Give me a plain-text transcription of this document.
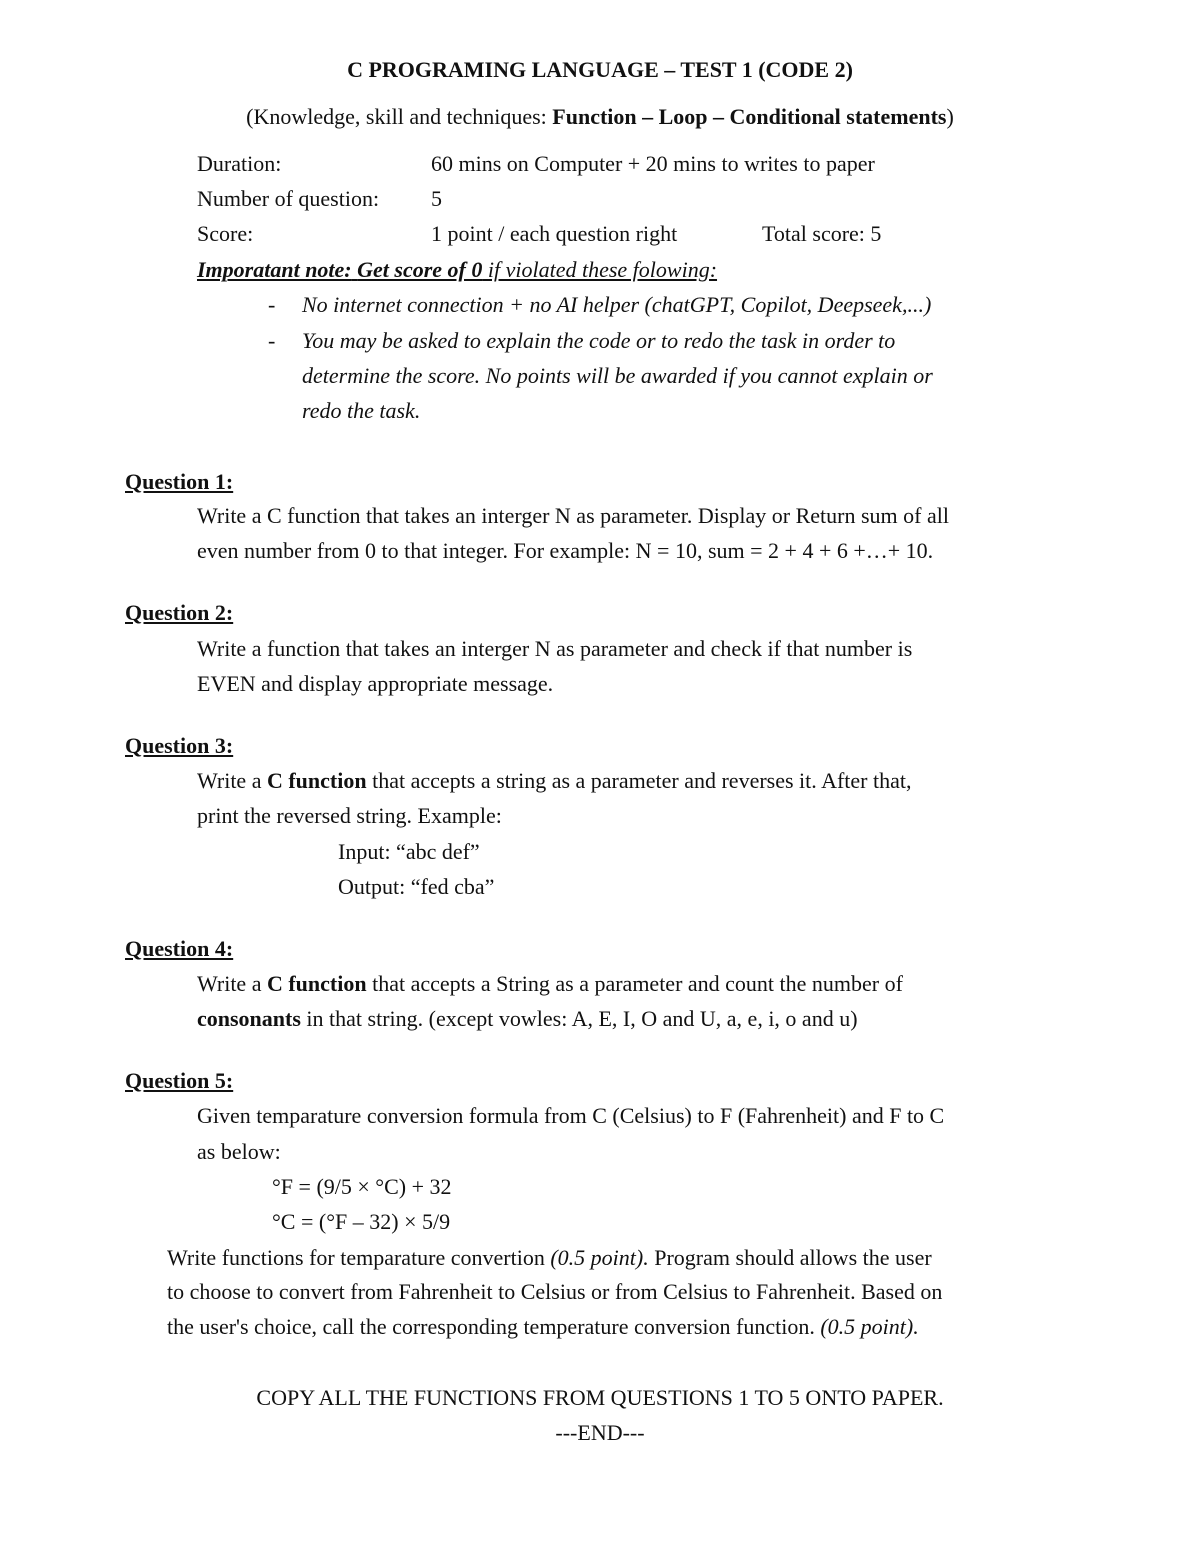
C PROGRAMING LANGUAGE – TEST 1 (CODE 2)
(Knowledge, skill and techniques: Function – Loop – Conditional statements)
Duration:	60 mins on Computer + 20 mins to writes to paper
Number of question: 5
Score:	1 point / each question right	Total score: 5
Imporatant note: Get score of 0 if violated these folowing:
- No internet connection + no AI helper (chatGPT, Copilot, Deepseek,...)
- You may be asked to explain the code or to redo the task in order to
determine the score. No points will be awarded if you cannot explain or
redo the task.
Question 1:
Write a C function that takes an interger N as parameter. Display or Return sum of all
even number from 0 to that integer. For example: N = 10, sum = 2 + 4 + 6 +…+ 10.
Question 2:
Write a function that takes an interger N as parameter and check if that number is
EVEN and display appropriate message.
Question 3:
Write a C function that accepts a string as a parameter and reverses it. After that,
print the reversed string. Example:
Input: “abc def”
Output: “fed cba”
Question 4:
Write a C function that accepts a String as a parameter and count the number of
consonants in that string. (except vowles: A, E, I, O and U, a, e, i, o and u)
Question 5:
Given temparature conversion formula from C (Celsius) to F (Fahrenheit) and F to C
as below:
°F = (9/5 × °C) + 32
°C = (°F – 32) × 5/9
Write functions for temparature convertion (0.5 point). Program should allows the user
to choose to convert from Fahrenheit to Celsius or from Celsius to Fahrenheit. Based on
the user's choice, call the corresponding temperature conversion function. (0.5 point).
COPY ALL THE FUNCTIONS FROM QUESTIONS 1 TO 5 ONTO PAPER.
---END---
